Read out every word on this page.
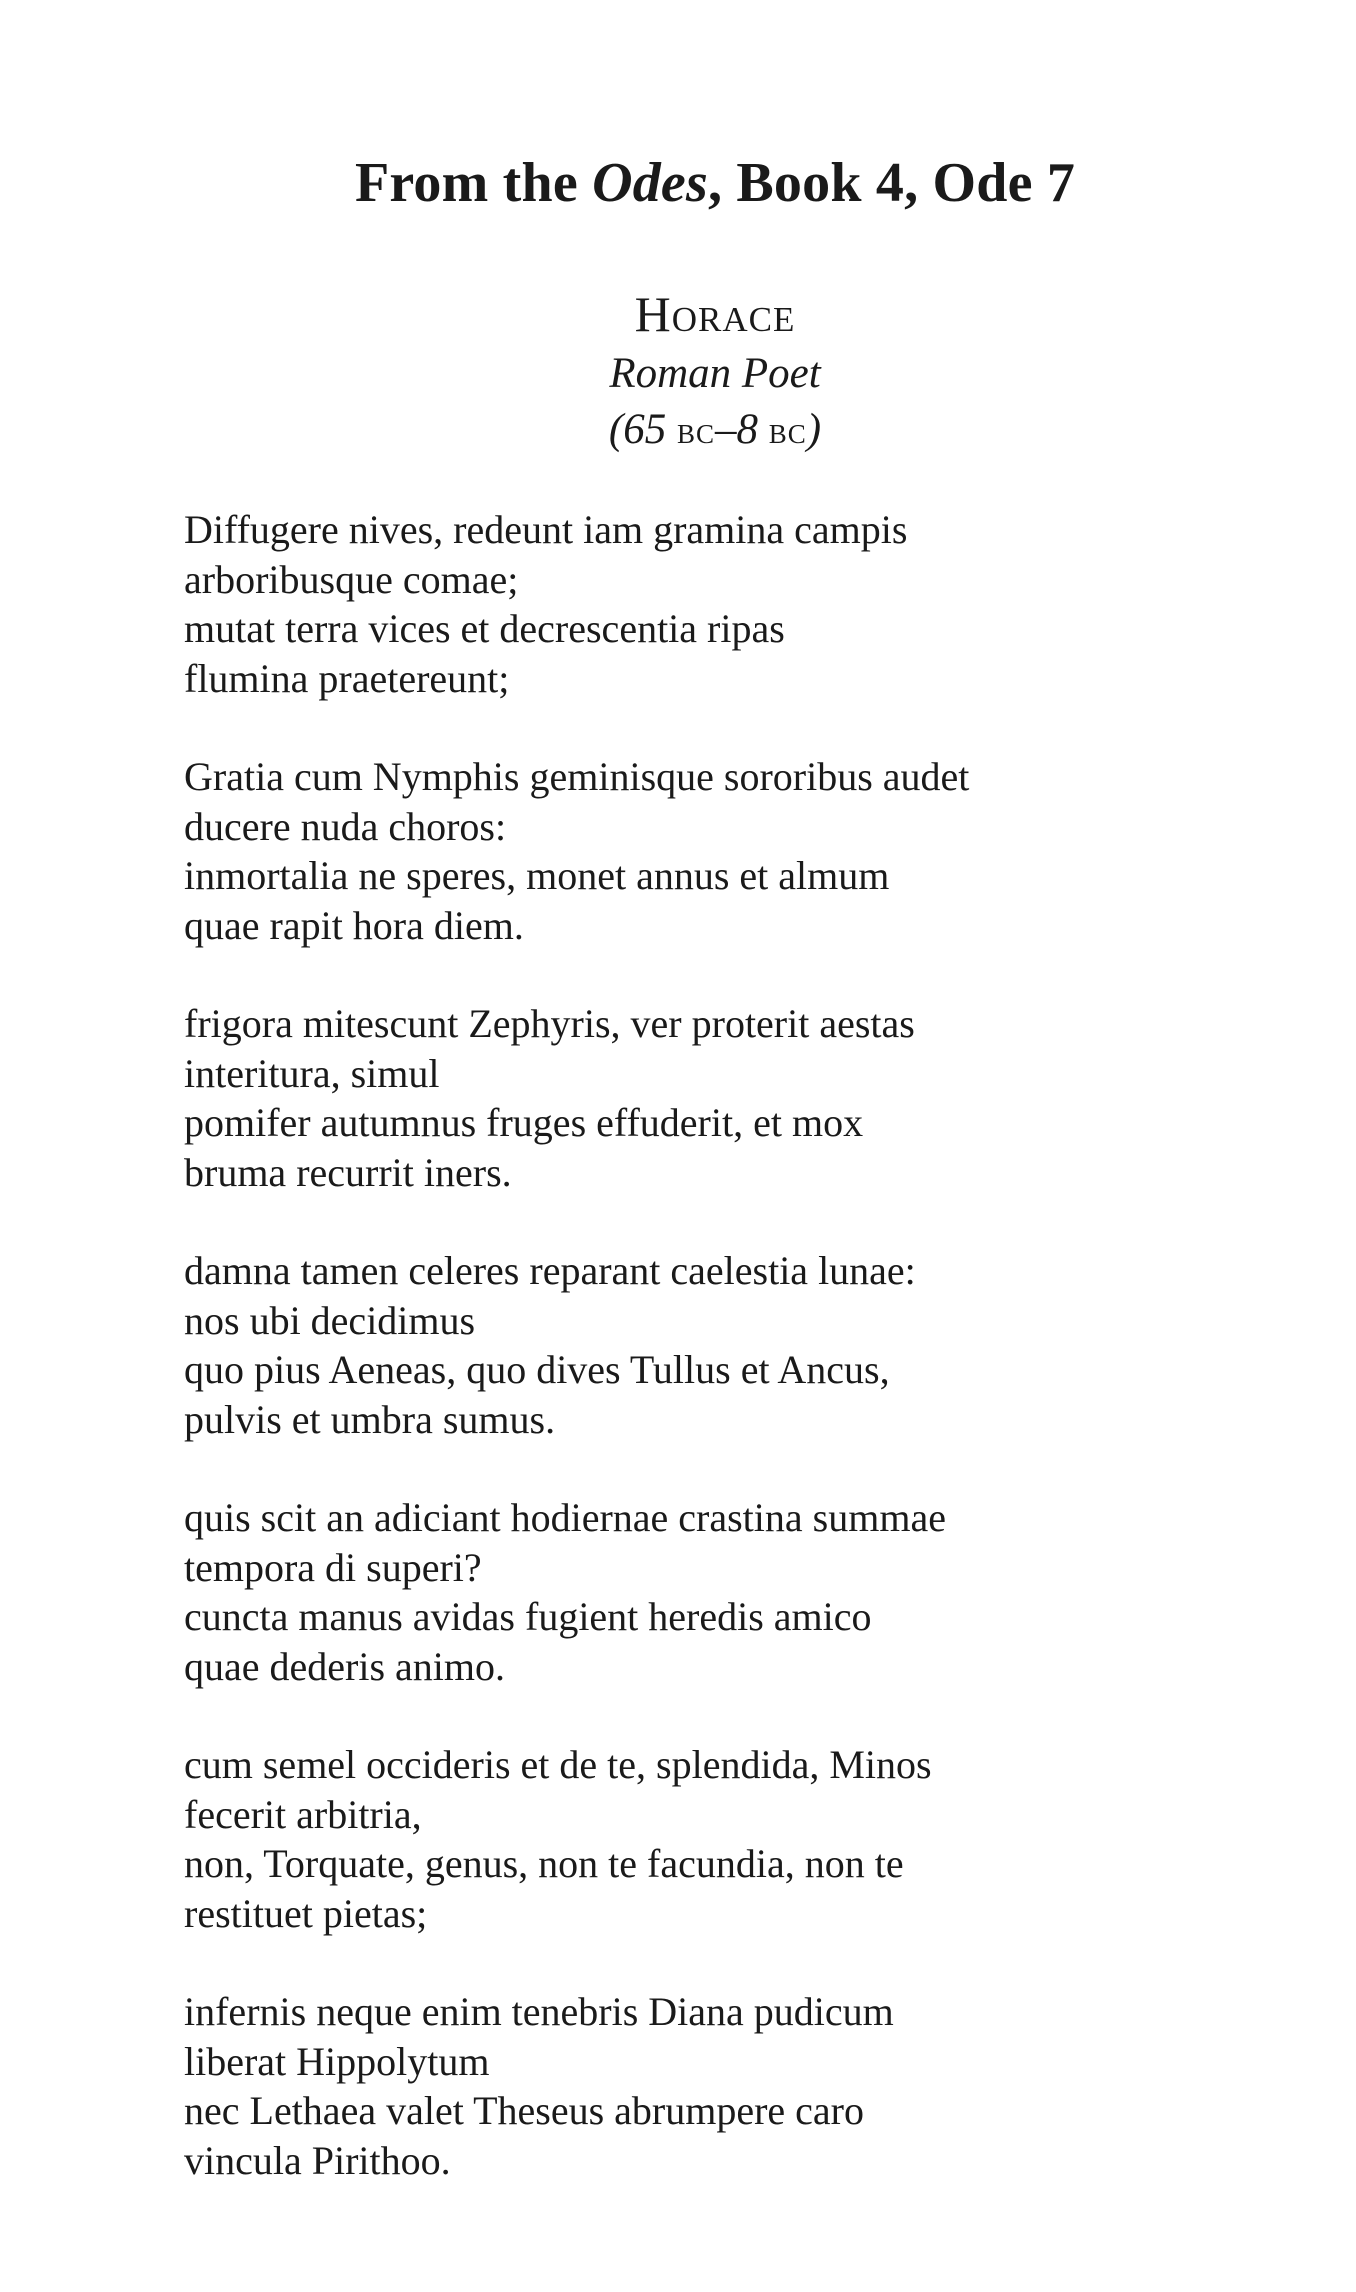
From the Odes, Book 4, Ode 7
Horace
Roman Poet
(65 bc–8 bc)
Diffugere nives, redeunt iam gramina campis
arboribusque comae;
mutat terra vices et decrescentia ripas
flumina praetereunt;
Gratia cum Nymphis geminisque sororibus audet
ducere nuda choros:
inmortalia ne speres, monet annus et almum
quae rapit hora diem.
frigora mitescunt Zephyris, ver proterit aestas
interitura, simul
pomifer autumnus fruges effuderit, et mox
bruma recurrit iners.
damna tamen celeres reparant caelestia lunae:
nos ubi decidimus
quo pius Aeneas, quo dives Tullus et Ancus,
pulvis et umbra sumus.
quis scit an adiciant hodiernae crastina summae
tempora di superi?
cuncta manus avidas fugient heredis amico
quae dederis animo.
cum semel occideris et de te, splendida, Minos
fecerit arbitria,
non, Torquate, genus, non te facundia, non te
restituet pietas;
infernis neque enim tenebris Diana pudicum
liberat Hippolytum
nec Lethaea valet Theseus abrumpere caro
vincula Pirithoo.
